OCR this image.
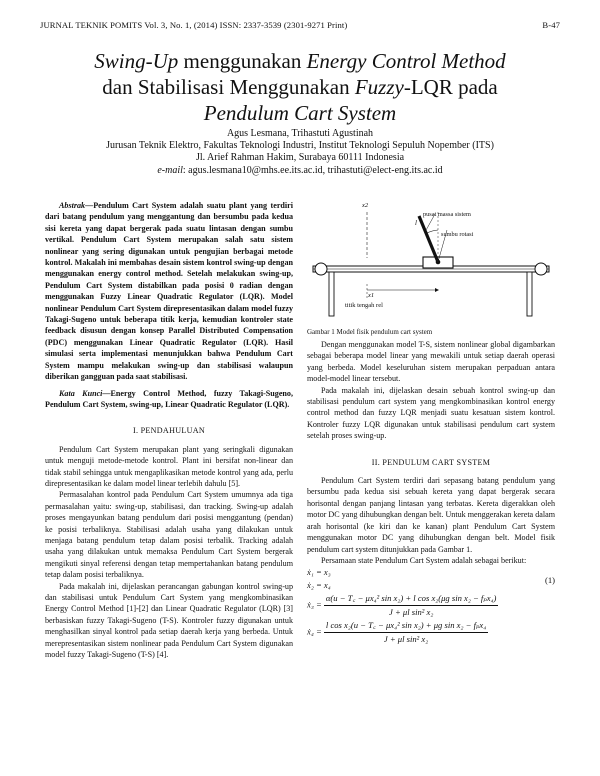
JURNAL TEKNIK POMITS Vol. 3, No. 1, (2014) ISSN: 2337-3539 (2301-9271 Print)	B-47
Swing-Up menggunakan Energy Control Method
dan Stabilisasi Menggunakan Fuzzy-LQR pada
Pendulum Cart System
Agus Lesmana, Trihastuti Agustinah
Jurusan Teknik Elektro, Fakultas Teknologi Industri, Institut Teknologi Sepuluh Nopember (ITS)
Jl. Arief Rahman Hakim, Surabaya 60111 Indonesia
e-mail: agus.lesmana10@mhs.ee.its.ac.id, trihastuti@elect-eng.its.ac.id

Abstrak—Pendulum Cart System adalah suatu plant yang terdiri dari batang pendulum yang menggantung dan bersumbu pada kedua sisi kereta yang dapat bergerak pada suatu lintasan dengan sumbu vertikal. Pendulum Cart System merupakan salah satu sistem nonlinear yang sering digunakan untuk pengujian berbagai metode kontrol. Makalah ini membahas desain sistem kontrol swing-up dengan menggunakan energy control method. Setelah melakukan swing-up, Pendulum Cart System distabilkan pada posisi 0 radian dengan menggunakan Fuzzy Linear Quadratic Regulator (LQR). Model nonlinear Pendulum Cart System direpresentasikan dalam model fuzzy Takagi-Sugeno untuk beberapa titik kerja, kemudian kontroler state feedback disusun dengan konsep Parallel Distributed Compensation (PDC) menggunakan Linear Quadratic Regulator (LQR). Hasil simulasi serta implementasi menunjukkan bahwa Pendulum Cart System mampu melakukan swing-up dan stabilisasi walaupun diberikan gangguan pada saat stabilisasi.

Kata Kunci—Energy Control Method, fuzzy Takagi-Sugeno, Pendulum Cart System, swing-up, Linear Quadratic Regulator (LQR).

I. PENDAHULUAN

Pendulum Cart System merupakan plant yang seringkali digunakan untuk menguji metode-metode kontrol. Plant ini bersifat non-linear dan tidak stabil sehingga untuk mengaplikasikan metode kontrol yang ada, perlu direpresentasikan ke dalam model linear terlebih dahulu [5].

Permasalahan kontrol pada Pendulum Cart System umumnya ada tiga permasalahan yaitu: swing-up, stabilisasi, dan tracking. Swing-up adalah proses mengayunkan batang pendulum dari posisi menggantung (pendan) ke posisi terbaliknya. Stabilisasi adalah usaha yang dilakukan untuk menjaga batang pendulum tetap dalam posisi terbalik. Tracking adalah usaha yang dilakukan untuk memaksa Pendulum Cart System bergerak mengikuti sinyal referensi dengan tetap mempertahankan batang pendulum tetap dalam posisi terbaliknya.

Pada makalah ini, dijelaskan perancangan gabungan kontrol swing-up dan stabilisasi untuk Pendulum Cart System yang mengkombinasikan Energy Control Method [1]-[2] dan Linear Quadratic Regulator (LQR) [3] berbasiskan fuzzy Takagi-Sugeno (T-S). Kontroler fuzzy digunakan untuk menghasilkan sinyal kontrol pada setiap daerah kerja yang berbeda. Untuk merepresentasikan sistem nonlinear pada Pendulum Cart System digunakan model fuzzy Takagi-Sugeno (T-S) [4].

x2
l
pusat massa sistem
sumbu rotasi
x1
titik tengah rel
Gambar 1 Model fisik pendulum cart system

Dengan menggunakan model T-S, sistem nonlinear global digambarkan sebagai beberapa model linear yang mewakili untuk setiap daerah operasi yang berbeda. Model keseluruhan sistem merupakan perpaduan antara model-model linear tersebut.

Pada makalah ini, dijelaskan desain sebuah kontrol swing-up dan stabilisasi pendulum cart system yang mengkombinasikan kontrol energy control method dan fuzzy LQR menjadi suatu kesatuan sistem kontrol. Kontroler fuzzy LQR digunakan untuk stabilisasi pendulum cart system setelah proses swing-up.

II. PENDULUM CART SYSTEM

Pendulum Cart System terdiri dari sepasang batang pendulum yang bersumbu pada kedua sisi sebuah kereta yang dapat bergerak secara horisontal dengan panjang lintasan yang terbatas. Kereta digerakkan oleh motor DC yang dihubungkan dengan belt. Untuk menggerakan kereta dalam arah horisontal (ke kiri dan ke kanan) plant Pendulum Cart System menggunakan motor DC yang dihubungkan dengan belt. Model fisik pendulum cart system ditunjukkan pada Gambar 1.

Persamaan state Pendulum Cart System adalah sebagai berikut:

ẋ₁ = x₃
ẋ₂ = x₄
ẋ₃ = $\frac{\text{α(u − T꜀ − μx₄² sin x₂) + l cos x₂(μg sin x₂ − fₚx₄)}}{\text{J + μl sin² x₂}}$
ẋ₄ = $\frac{\text{l cos x₂(u − T꜀ − μx₄² sin x₂) + μg sin x₂ − fₚx₄}}{\text{J + μl sin² x₂}}$
(1)
